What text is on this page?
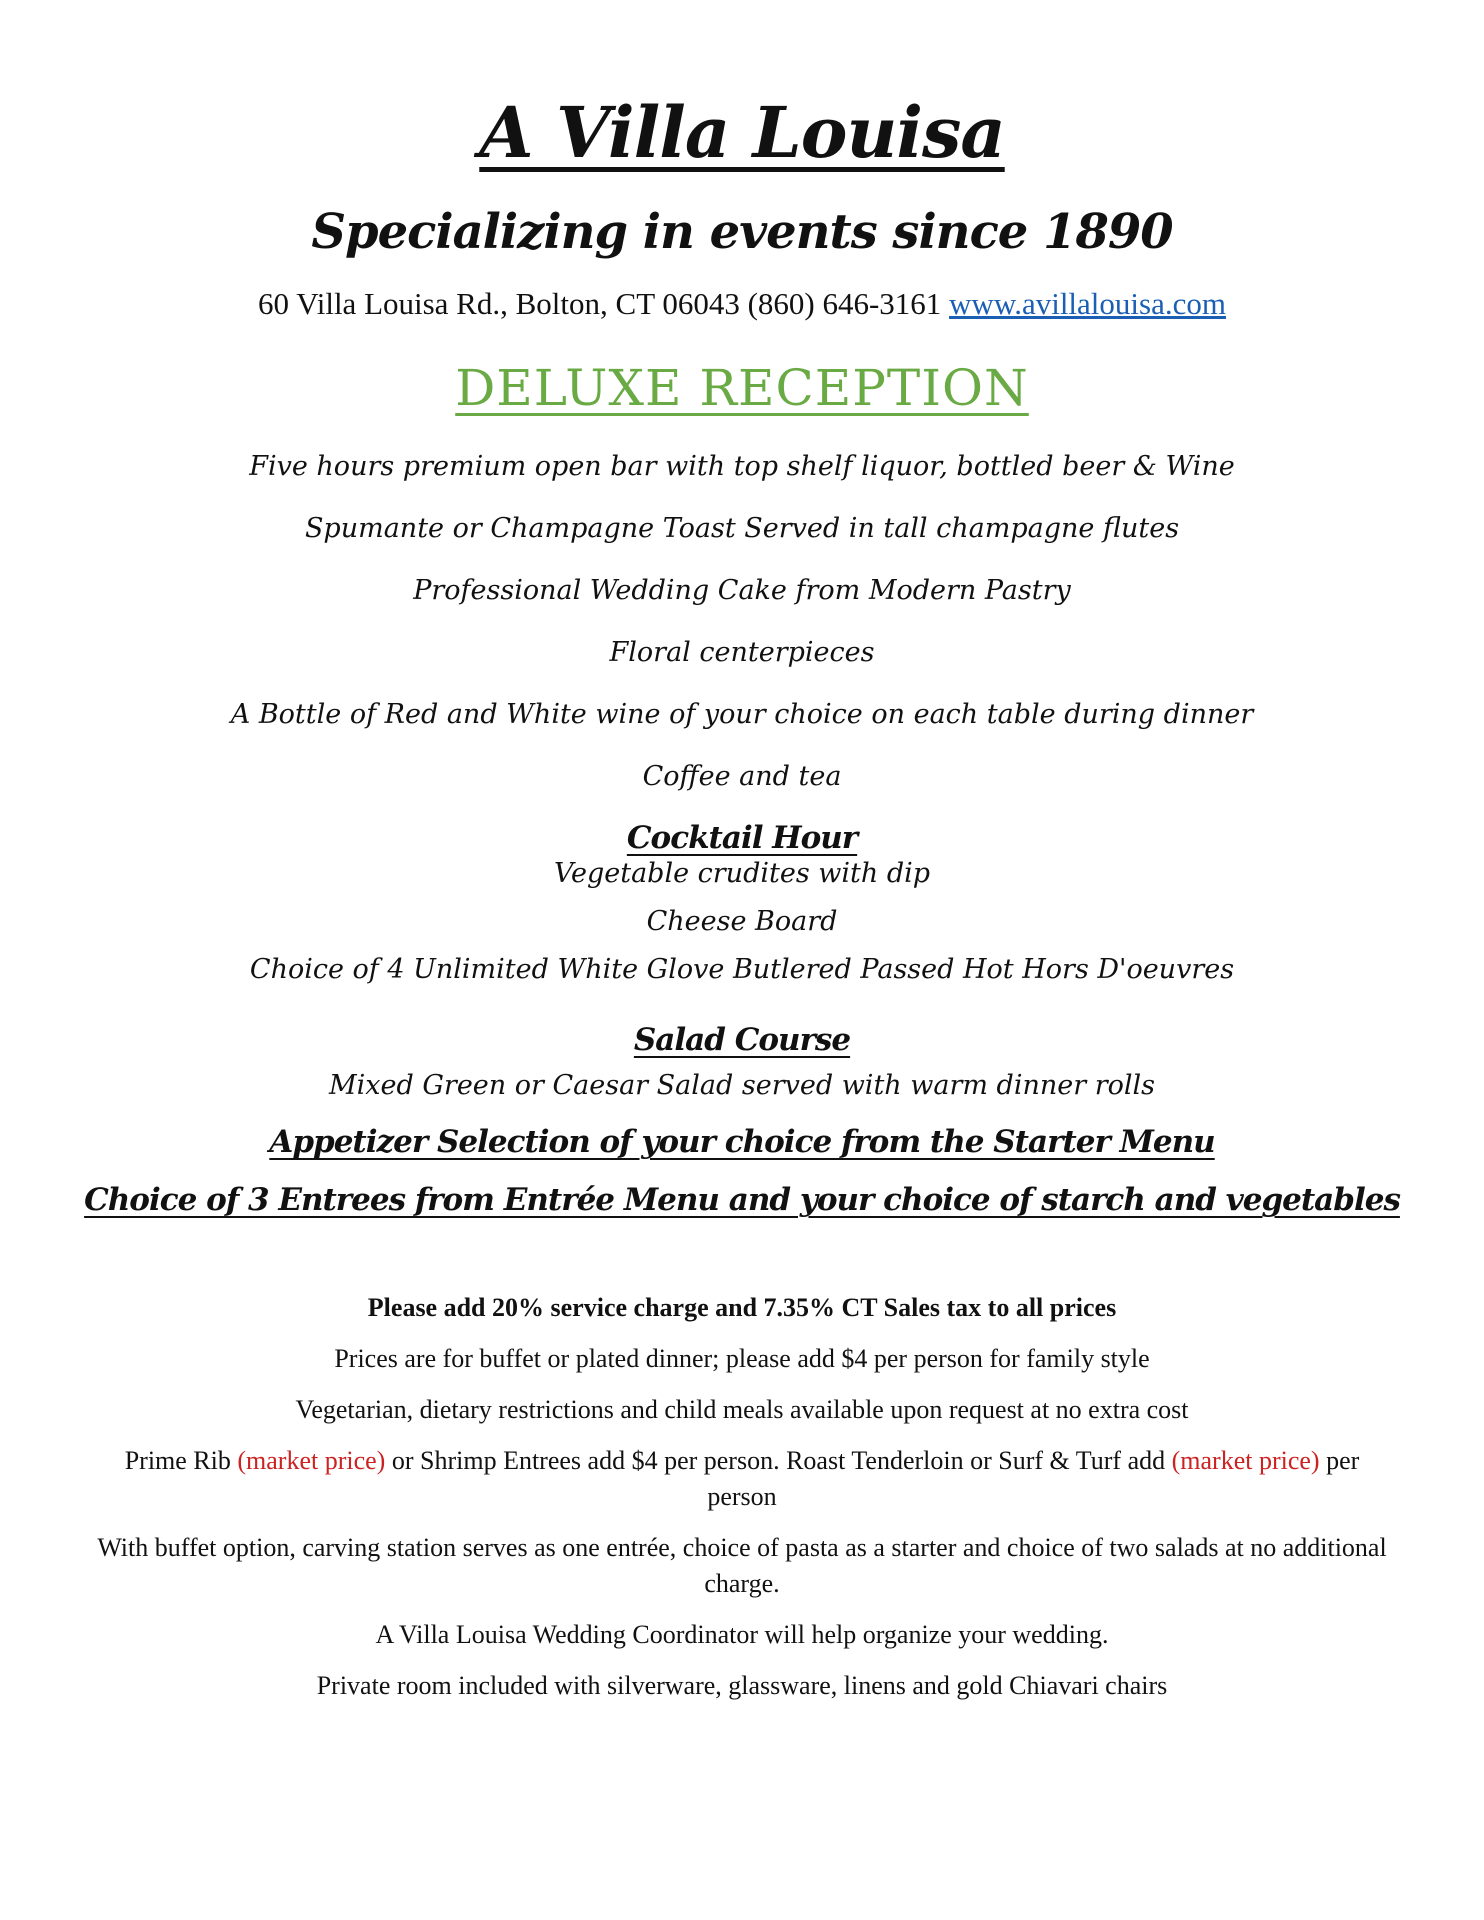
A Villa Louisa
Specializing in events since 1890
60 Villa Louisa Rd., Bolton, CT 06043 (860) 646-3161 www.avillalouisa.com
DELUXE RECEPTION
Five hours premium open bar with top shelf liquor, bottled beer & Wine
Spumante or Champagne Toast Served in tall champagne flutes
Professional Wedding Cake from Modern Pastry
Floral centerpieces
A Bottle of Red and White wine of your choice on each table during dinner
Coffee and tea
Cocktail Hour
Vegetable crudites with dip
Cheese Board
Choice of 4 Unlimited White Glove Butlered Passed Hot Hors D'oeuvres
Salad Course
Mixed Green or Caesar Salad served with warm dinner rolls
Appetizer Selection of your choice from the Starter Menu
Choice of 3 Entrees from Entrée Menu and your choice of starch and vegetables
Please add 20% service charge and 7.35% CT Sales tax to all prices
Prices are for buffet or plated dinner; please add $4 per person for family style
Vegetarian, dietary restrictions and child meals available upon request at no extra cost
Prime Rib (market price) or Shrimp Entrees add $4 per person. Roast Tenderloin or Surf & Turf add (market price) per person
With buffet option, carving station serves as one entrée, choice of pasta as a starter and choice of two salads at no additional charge.
A Villa Louisa Wedding Coordinator will help organize your wedding.
Private room included with silverware, glassware, linens and gold Chiavari chairs
